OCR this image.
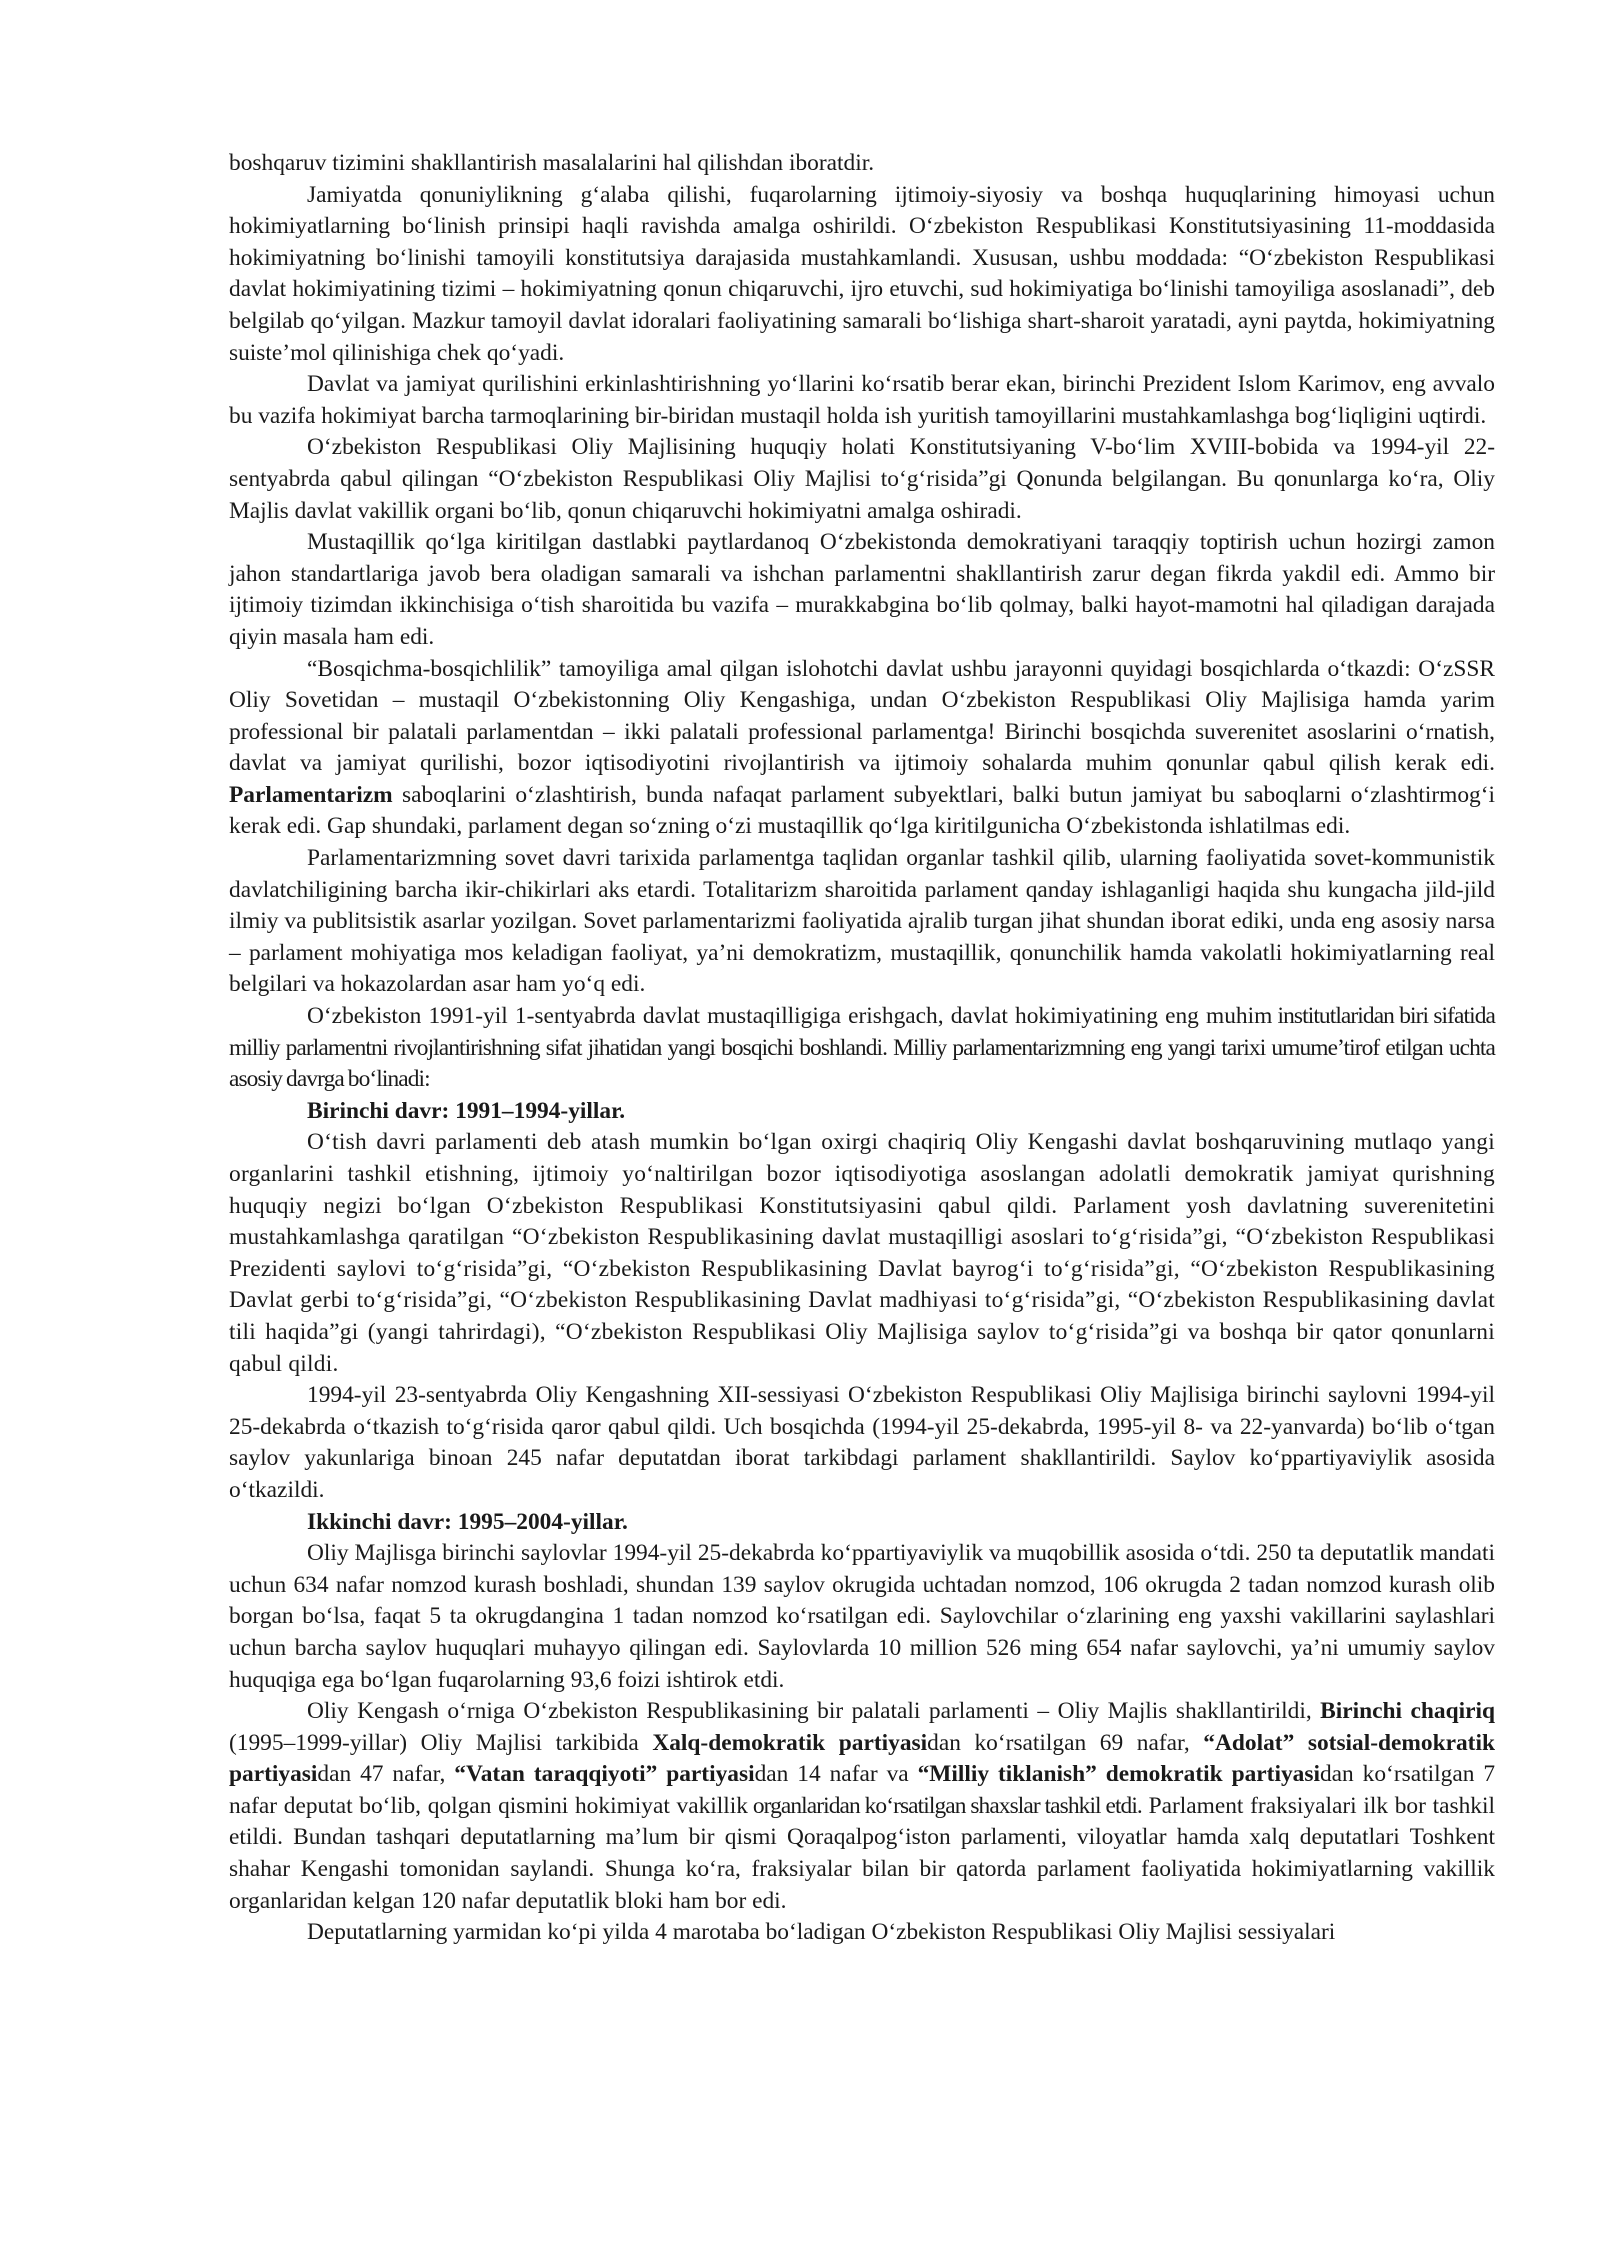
boshqaruv tizimini shakllantirish masalalarini hal qilishdan iboratdir.

Jamiyatda qonuniylikning g‘alaba qilishi, fuqarolarning ijtimoiy-siyosiy va boshqa huquqlarining himoyasi uchun hokimiyatlarning bo‘linish prinsipi haqli ravishda amalga oshirildi. O‘zbekiston Respublikasi Konstitutsiyasining 11-moddasida hokimiyatning bo‘linishi tamoyili konstitutsiya darajasida mustahkamlandi. Xususan, ushbu moddada: “O‘zbekiston Respublikasi davlat hokimiyatining tizimi – hokimiyatning qonun chiqaruvchi, ijro etuvchi, sud hokimiyatiga bo‘linishi tamoyiliga asoslanadi”, deb belgilab qo‘yilgan. Mazkur tamoyil davlat idoralari faoliyatining samarali bo‘lishiga shart-sharoit yaratadi, ayni paytda, hokimiyatning suiste’mol qilinishiga chek qo‘yadi.

Davlat va jamiyat qurilishini erkinlashtirishning yo‘llarini ko‘rsatib berar ekan, birinchi Prezident Islom Karimov, eng avvalo bu vazifa hokimiyat barcha tarmoqlarining bir-biridan mustaqil holda ish yuritish tamoyillarini mustahkamlashga bog‘liqligini uqtirdi.

O‘zbekiston Respublikasi Oliy Majlisining huquqiy holati Konstitutsiyaning V-bo‘lim XVIII-bobida va 1994-yil 22-sentyabrda qabul qilingan “O‘zbekiston Respublikasi Oliy Majlisi to‘g‘risida”gi Qonunda belgilangan. Bu qonunlarga ko‘ra, Oliy Majlis davlat vakillik organi bo‘lib, qonun chiqaruvchi hokimiyatni amalga oshiradi.

Mustaqillik qo‘lga kiritilgan dastlabki paytlardanoq O‘zbekistonda demokratiyani taraqqiy toptirish uchun hozirgi zamon jahon standartlariga javob bera oladigan samarali va ishchan parlamentni shakllantirish zarur degan fikrda yakdil edi. Ammo bir ijtimoiy tizimdan ikkinchisiga o‘tish sharoitida bu vazifa – murakkabgina bo‘lib qolmay, balki hayot-mamotni hal qiladigan darajada qiyin masala ham edi.

“Bosqichma-bosqichlilik” tamoyiliga amal qilgan islohotchi davlat ushbu jarayonni quyidagi bosqichlarda o‘tkazdi: O‘zSSR Oliy Sovetidan – mustaqil O‘zbekistonning Oliy Kengashiga, undan O‘zbekiston Respublikasi Oliy Majlisiga hamda yarim professional bir palatali parlamentdan – ikki palatali professional parlamentga! Birinchi bosqichda suverenitet asoslarini o‘rnatish, davlat va jamiyat qurilishi, bozor iqtisodiyotini rivojlantirish va ijtimoiy sohalarda muhim qonunlar qabul qilish kerak edi. Parlamentarizm saboqlarini o‘zlashtirish, bunda nafaqat parlament subyektlari, balki butun jamiyat bu saboqlarni o‘zlashtirmog‘i kerak edi. Gap shundaki, parlament degan so‘zning o‘zi mustaqillik qo‘lga kiritilgunicha O‘zbekistonda ishlatilmas edi.

Parlamentarizmning sovet davri tarixida parlamentga taqlidan organlar tashkil qilib, ularning faoliyatida sovet-kommunistik davlatchiligining barcha ikir-chikirlari aks etardi. Totalitarizm sharoitida parlament qanday ishlaganligi haqida shu kungacha jild-jild ilmiy va publitsistik asarlar yozilgan. Sovet parlamentarizmi faoliyatida ajralib turgan jihat shundan iborat ediki, unda eng asosiy narsa – parlament mohiyatiga mos keladigan faoliyat, ya’ni demokratizm, mustaqillik, qonunchilik hamda vakolatli hokimiyatlarning real belgilari va hokazolardan asar ham yo‘q edi.

O‘zbekiston 1991-yil 1-sentyabrda davlat mustaqilligiga erishgach, davlat hokimiyatining eng muhim institutlaridan biri sifatida milliy parlamentni rivojlantirishning sifat jihatidan yangi bosqichi boshlandi. Milliy parlamentarizmning eng yangi tarixi umume’tirof etilgan uchta asosiy davrga bo‘linadi:

Birinchi davr: 1991–1994-yillar.

O‘tish davri parlamenti deb atash mumkin bo‘lgan oxirgi chaqiriq Oliy Kengashi davlat boshqaruvining mutlaqo yangi organlarini tashkil etishning, ijtimoiy yo‘naltirilgan bozor iqtisodiyotiga asoslangan adolatli demokratik jamiyat qurishning huquqiy negizi bo‘lgan O‘zbekiston Respublikasi Konstitutsiyasini qabul qildi. Parlament yosh davlatning suverenitetini mustahkamlashga qaratilgan “O‘zbekiston Respublikasining davlat mustaqilligi asoslari to‘g‘risida”gi, “O‘zbekiston Respublikasi Prezidenti saylovi to‘g‘risida”gi, “O‘zbekiston Respublikasining Davlat bayrog‘i to‘g‘risida”gi, “O‘zbekiston Respublikasining Davlat gerbi to‘g‘risida”gi, “O‘zbekiston Respublikasining Davlat madhiyasi to‘g‘risida”gi, “O‘zbekiston Respublikasining davlat tili haqida”gi (yangi tahrirdagi), “O‘zbekiston Respublikasi Oliy Majlisiga saylov to‘g‘risida”gi va boshqa bir qator qonunlarni qabul qildi.

1994-yil 23-sentyabrda Oliy Kengashning XII-sessiyasi O‘zbekiston Respublikasi Oliy Majlisiga birinchi saylovni 1994-yil 25-dekabrda o‘tkazish to‘g‘risida qaror qabul qildi. Uch bosqichda (1994-yil 25-dekabrda, 1995-yil 8- va 22-yanvarda) bo‘lib o‘tgan saylov yakunlariga binoan 245 nafar deputatdan iborat tarkibdagi parlament shakllantirildi. Saylov ko‘ppartiyaviylik asosida o‘tkazildi.

Ikkinchi davr: 1995–2004-yillar.

Oliy Majlisga birinchi saylovlar 1994-yil 25-dekabrda ko‘ppartiyaviylik va muqobillik asosida o‘tdi. 250 ta deputatlik mandati uchun 634 nafar nomzod kurash boshladi, shundan 139 saylov okrugida uchtadan nomzod, 106 okrugda 2 tadan nomzod kurash olib borgan bo‘lsa, faqat 5 ta okrugdangina 1 tadan nomzod ko‘rsatilgan edi. Saylovchilar o‘zlarining eng yaxshi vakillarini saylashlari uchun barcha saylov huquqlari muhayyo qilingan edi. Saylovlarda 10 million 526 ming 654 nafar saylovchi, ya’ni umumiy saylov huquqiga ega bo‘lgan fuqarolarning 93,6 foizi ishtirok etdi.

Oliy Kengash o‘rniga O‘zbekiston Respublikasining bir palatali parlamenti – Oliy Majlis shakllantirildi, Birinchi chaqiriq (1995–1999-yillar) Oliy Majlisi tarkibida Xalq-demokratik partiyasidan ko‘rsatilgan 69 nafar, “Adolat” sotsial-demokratik partiyasidan 47 nafar, “Vatan taraqqiyoti” partiyasidan 14 nafar va “Milliy tiklanish” demokratik partiyasidan ko‘rsatilgan 7 nafar deputat bo‘lib, qolgan qismini hokimiyat vakillik organlaridan ko‘rsatilgan shaxslar tashkil etdi. Parlament fraksiyalari ilk bor tashkil etildi. Bundan tashqari deputatlarning ma’lum bir qismi Qoraqalpog‘iston parlamenti, viloyatlar hamda xalq deputatlari Toshkent shahar Kengashi tomonidan saylandi. Shunga ko‘ra, fraksiyalar bilan bir qatorda parlament faoliyatida hokimiyatlarning vakillik organlaridan kelgan 120 nafar deputatlik bloki ham bor edi.

Deputatlarning yarmidan ko‘pi yilda 4 marotaba bo‘ladigan O‘zbekiston Respublikasi Oliy Majlisi sessiyalari
